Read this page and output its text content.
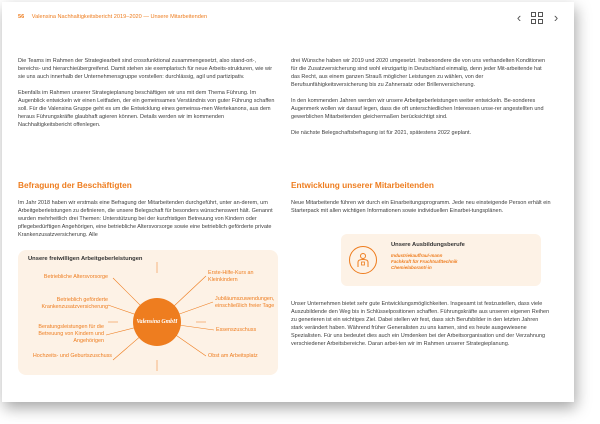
56 Valensina Nachhaltigkeitsbericht 2019–2020 — Unsere Mitarbeitenden	‹	›

Die Teams im Rahmen der Strategiearbeit sind crossfunktional zusammengesetzt, also stand-ort-, bereichs- und hierarchieübergreifend. Damit stehen sie exemplarisch für neue Arbeits-strukturen, wie wir sie uns auch innerhalb der Unternehmensgruppe vorstellen: durchlässig, agil und partizipativ.

Ebenfalls im Rahmen unserer Strategieplanung beschäftigen wir uns mit dem Thema Führung. Im Augenblick entwickeln wir einen Leitfaden, der ein gemeinsames Verständnis von guter Führung schaffen soll. Für die Valensina Gruppe geht es um die Entwicklung eines gemeinsa-men Wertekanons, aus dem heraus Führungskräfte glaubhaft agieren können. Details werden wir im kommenden Nachhaltigkeitsbericht offenlegen.

Befragung der Beschäftigten

Im Jahr 2018 haben wir erstmals eine Befragung der Mitarbeitenden durchgeführt, unter an-derem, um Arbeitgeberleistungen zu definieren, die unsere Belegschaft für besonders wünschenswert hält. Genannt wurden mehrheitlich drei Themen: Unterstützung bei der kurzfristigen Betreuung von Kindern oder pflegebedürftigen Angehörigen, eine betriebliche Altersvorsorge sowie eine betrieblich geförderte private Krankenzusatzversicherung. Alle

Unsere freiwilligen Arbeitgeberleistungen
Valensina GmbH
Betriebliche Altersvorsorge
Betrieblich geförderte Krankenzusatzversicherung
Beratungsleistungen für die Betreuung von Kindern und Angehörigen
Hochzeits- und Geburtszuschuss
Erste-Hilfe-Kurs an Kleinkindern
Jubiläumszuwendungen, einschließlich freier Tage
Essenszuschuss
Obst am Arbeitsplatz

drei Wünsche haben wir 2019 und 2020 umgesetzt. Insbesondere die von uns verhandelten Konditionen für die Zusatzversicherung sind wohl einzigartig in Deutschland einmalig, denn jeder Mit-arbeitende hat das Recht, aus einem ganzen Strauß möglicher Leistungen zu wählen, von der Berufsunfähigkeitsversicherung bis zu Zahnersatz oder Brillenversicherung.

In den kommenden Jahren werden wir unsere Arbeitgeberleistungen weiter entwickeln. Be-sonderes Augenmerk wollen wir darauf legen, dass die oft unterschiedlichen Interessen unse-rer angestellten und gewerblichen Mitarbeitenden gleichermaßen berücksichtigt sind.

Die nächste Belegschaftsbefragung ist für 2021, spätestens 2022 geplant.

Entwicklung unserer Mitarbeitenden

Neue Mitarbeitende führen wir durch ein Einarbeitungsprogramm. Jede neu einsteigende Person erhält ein Starterpack mit allen wichtigen Informationen sowie individuellen Einarbei-tungsplänen.

Unsere Ausbildungsberufe
Industriekauffrau/-mann
Fachkraft für Fruchtsafttechnik
Chemielaborant/-in

Unser Unternehmen bietet sehr gute Entwicklungsmöglichkeiten. Insgesamt ist festzustellen, dass viele Auszubildende den Weg bis in Schlüsselpositionen schaffen. Führungskräfte aus unseren eigenen Reihen zu generieren ist ein wichtiges Ziel. Dabei stellen wir fest, dass sich Berufsbilder in den letzten Jahren stark verändert haben. Während früher Generalisten zu uns kamen, sind es heute ausgewiesene Spezialisten. Für uns bedeutet dies auch ein Umdenken bei der Arbeitsorganisation und der Verzahnung verschiedener Arbeitsbereiche. Daran arbei-ten wir im Rahmen unserer Strategieplanung.
